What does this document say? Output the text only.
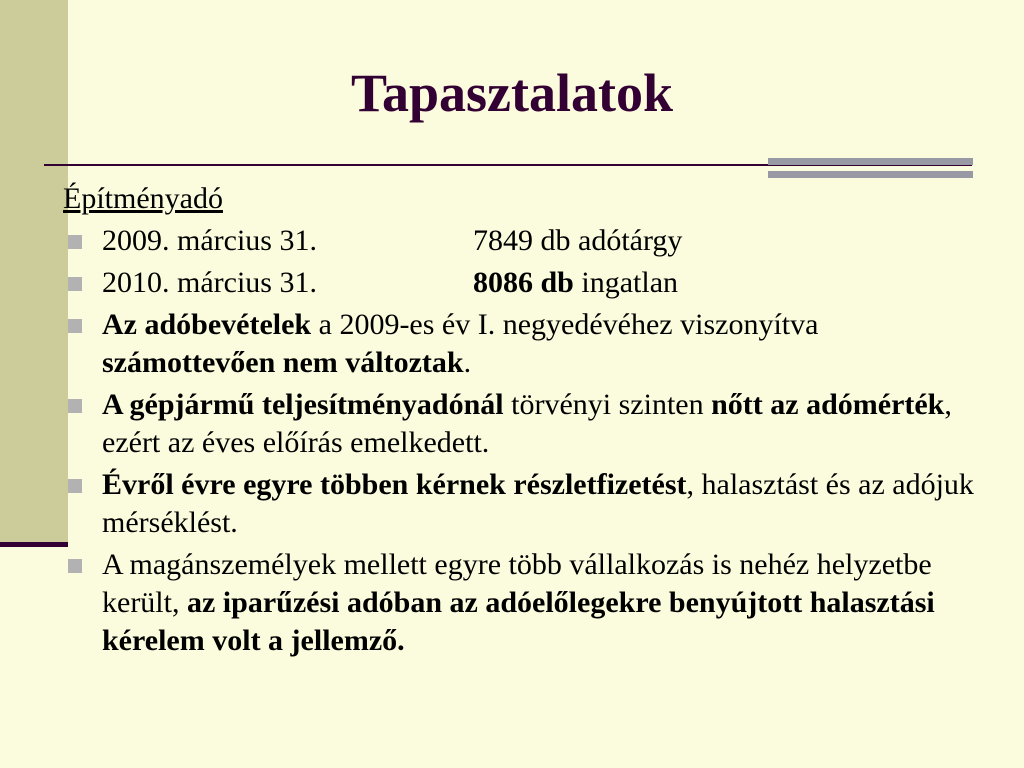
Tapasztalatok
Építményadó
2009. március 31.	7849 db adótárgy
2010. március 31.	8086 db ingatlan
Az adóbevételek a 2009-es év I. negyedévéhez viszonyítva számottevően nem változtak.
A gépjármű teljesítményadónál törvényi szinten nőtt az adómérték, ezért az éves előírás emelkedett.
Évről évre egyre többen kérnek részletfizetést, halasztást és az adójuk mérséklést.
A magánszemélyek mellett egyre több vállalkozás is nehéz helyzetbe került, az iparűzési adóban az adóelőlegekre benyújtott halasztási kérelem volt a jellemző.
